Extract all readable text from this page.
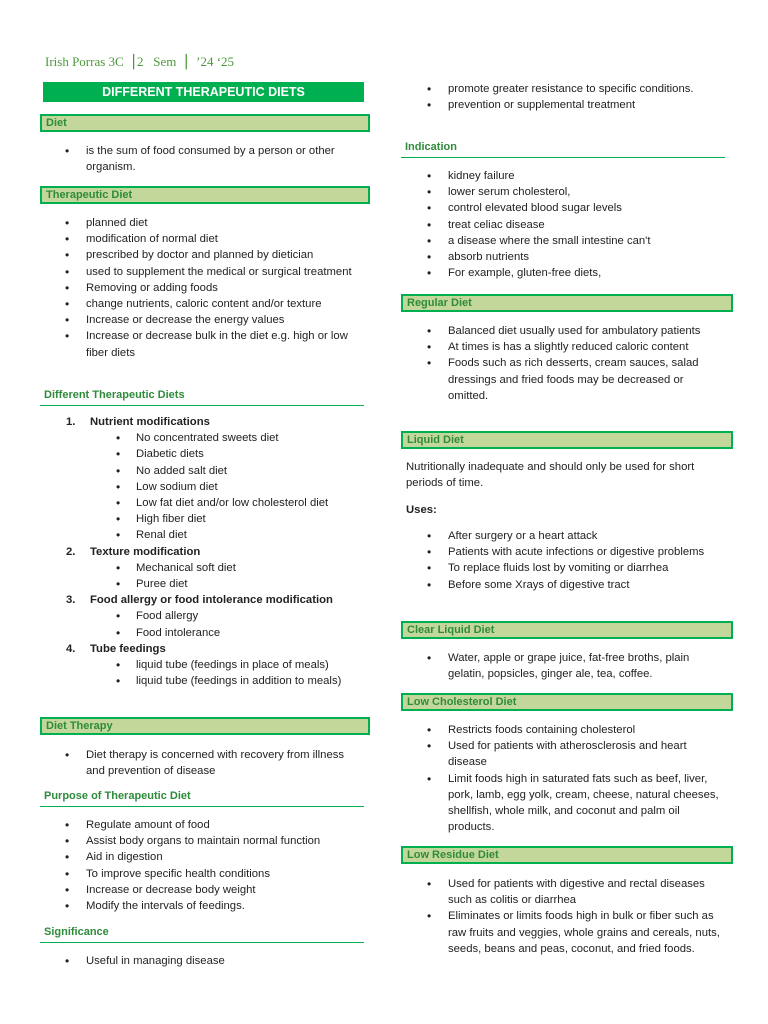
Irish Porras 3C  ⎮2   Sem  ⎮  ’24 ‘25
DIFFERENT THERAPEUTIC DIETS
Diet
• is the sum of food consumed by a person or other organism.
Therapeutic Diet
• planned diet
• modification of normal diet
• prescribed by doctor and planned by dietician
• used to supplement the medical or surgical treatment
• Removing or adding foods
• change nutrients, caloric content and/or texture
• Increase or decrease the energy values
• Increase or decrease bulk in the diet e.g. high or low fiber diets
Different Therapeutic Diets
1. Nutrient modifications
• No concentrated sweets diet
• Diabetic diets
• No added salt diet
• Low sodium diet
• Low fat diet and/or low cholesterol diet
• High fiber diet
• Renal diet
2. Texture modification
• Mechanical soft diet
• Puree diet
3. Food allergy or food intolerance modification
• Food allergy
• Food intolerance
4. Tube feedings
• liquid tube (feedings in place of meals)
• liquid tube (feedings in addition to meals)
Diet Therapy
• Diet therapy is concerned with recovery from illness and prevention of disease
Purpose of Therapeutic Diet
• Regulate amount of food
• Assist body organs to maintain normal function
• Aid in digestion
• To improve specific health conditions
• Increase or decrease body weight
• Modify the intervals of feedings.
Significance
• Useful in managing disease
• promote greater resistance to specific conditions.
• prevention or supplemental treatment
Indication
• kidney failure
• lower serum cholesterol,
• control elevated blood sugar levels
• treat celiac disease
• a disease where the small intestine can't
• absorb nutrients
• For example, gluten-free diets,
Regular Diet
• Balanced diet usually used for ambulatory patients
• At times is has a slightly reduced caloric content
• Foods such as rich desserts, cream sauces, salad dressings and fried foods may be decreased or omitted.
Liquid Diet
Nutritionally inadequate and should only be used for short periods of time.
Uses:
• After surgery or a heart attack
• Patients with acute infections or digestive problems
• To replace fluids lost by vomiting or diarrhea
• Before some Xrays of digestive tract
Clear Liquid Diet
• Water, apple or grape juice, fat-free broths, plain gelatin, popsicles, ginger ale, tea, coffee.
Low Cholesterol Diet
• Restricts foods containing cholesterol
• Used for patients with atherosclerosis and heart disease
• Limit foods high in saturated fats such as beef, liver, pork, lamb, egg yolk, cream, cheese, natural cheeses, shellfish, whole milk, and coconut and palm oil products.
Low Residue Diet
• Used for patients with digestive and rectal diseases such as colitis or diarrhea
• Eliminates or limits foods high in bulk or fiber such as raw fruits and veggies, whole grains and cereals, nuts, seeds, beans and peas, coconut, and fried foods.
